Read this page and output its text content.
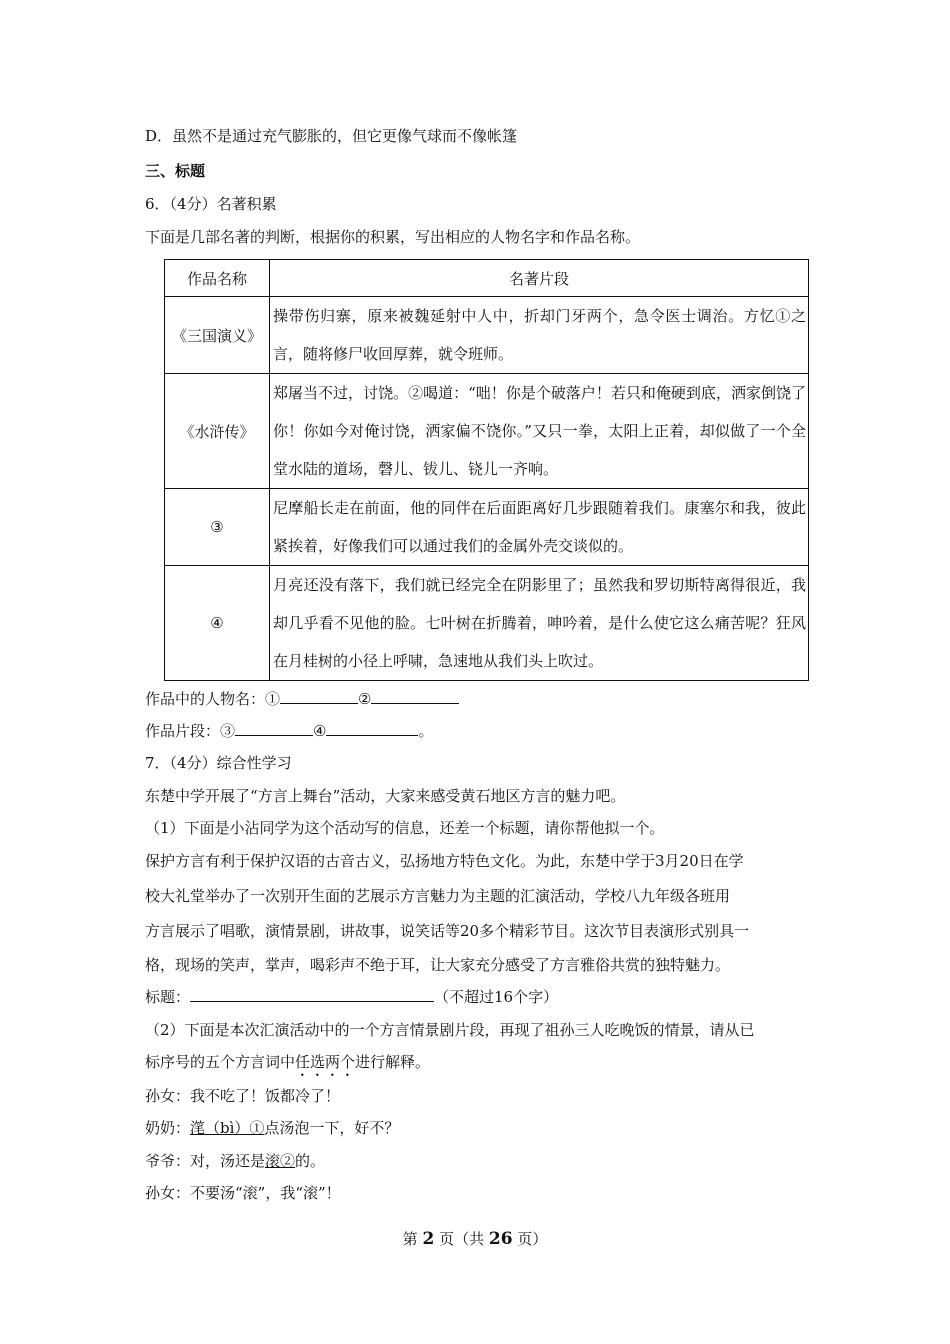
D．虽然不是通过充气膨胀的，但它更像气球而不像帐篷
三、标题
6．（4分）名著积累
下面是几部名著的判断，根据你的积累，写出相应的人物名字和作品名称。
作品名称	名著片段
《三国演义》	操带伤归寨，原来被魏延射中人中，折却门牙两个，急令医士调治。方忆①之言，随将修尸收回厚葬，就令班师。
《水浒传》	郑屠当不过，讨饶。②喝道：“咄！你是个破落户！若只和俺硬到底，洒家倒饶了你！你如今对俺讨饶，洒家偏不饶你。”又只一拳，太阳上正着，却似做了一个全堂水陆的道场，磬儿、钹儿、铙儿一齐响。
③	尼摩船长走在前面，他的同伴在后面距离好几步跟随着我们。康塞尔和我，彼此紧挨着，好像我们可以通过我们的金属外壳交谈似的。
④	月亮还没有落下，我们就已经完全在阴影里了；虽然我和罗切斯特离得很近，我却几乎看不见他的脸。七叶树在折腾着，呻吟着，是什么使它这么痛苦呢？狂风在月桂树的小径上呼啸，急速地从我们头上吹过。
作品中的人物名：①	②
作品片段：③	④	。
7．（4分）综合性学习
东楚中学开展了“方言上舞台”活动，大家来感受黄石地区方言的魅力吧。
（1）下面是小沾同学为这个活动写的信息，还差一个标题，请你帮他拟一个。
保护方言有利于保护汉语的古音古义，弘扬地方特色文化。为此，东楚中学于3月20日在学
校大礼堂举办了一次别开生面的艺展示方言魅力为主题的汇演活动，学校八九年级各班用
方言展示了唱歌，演情景剧，讲故事，说笑话等20多个精彩节目。这次节目表演形式别具一
格，现场的笑声，掌声，喝彩声不绝于耳，让大家充分感受了方言雅俗共赏的独特魅力。
标题：	（不超过16个字）
（2）下面是本次汇演活动中的一个方言情景剧片段，再现了祖孙三人吃晚饭的情景，请从已
标序号的五个方言词中任选两个进行解释。
孙女：我不吃了！饭都冷了！
奶奶：滗（bì）①点汤泡一下，好不？
爷爷：对，汤还是滚②的。
孙女：不要汤“滚”，我“滚”！
第 2 页（共 26 页）
